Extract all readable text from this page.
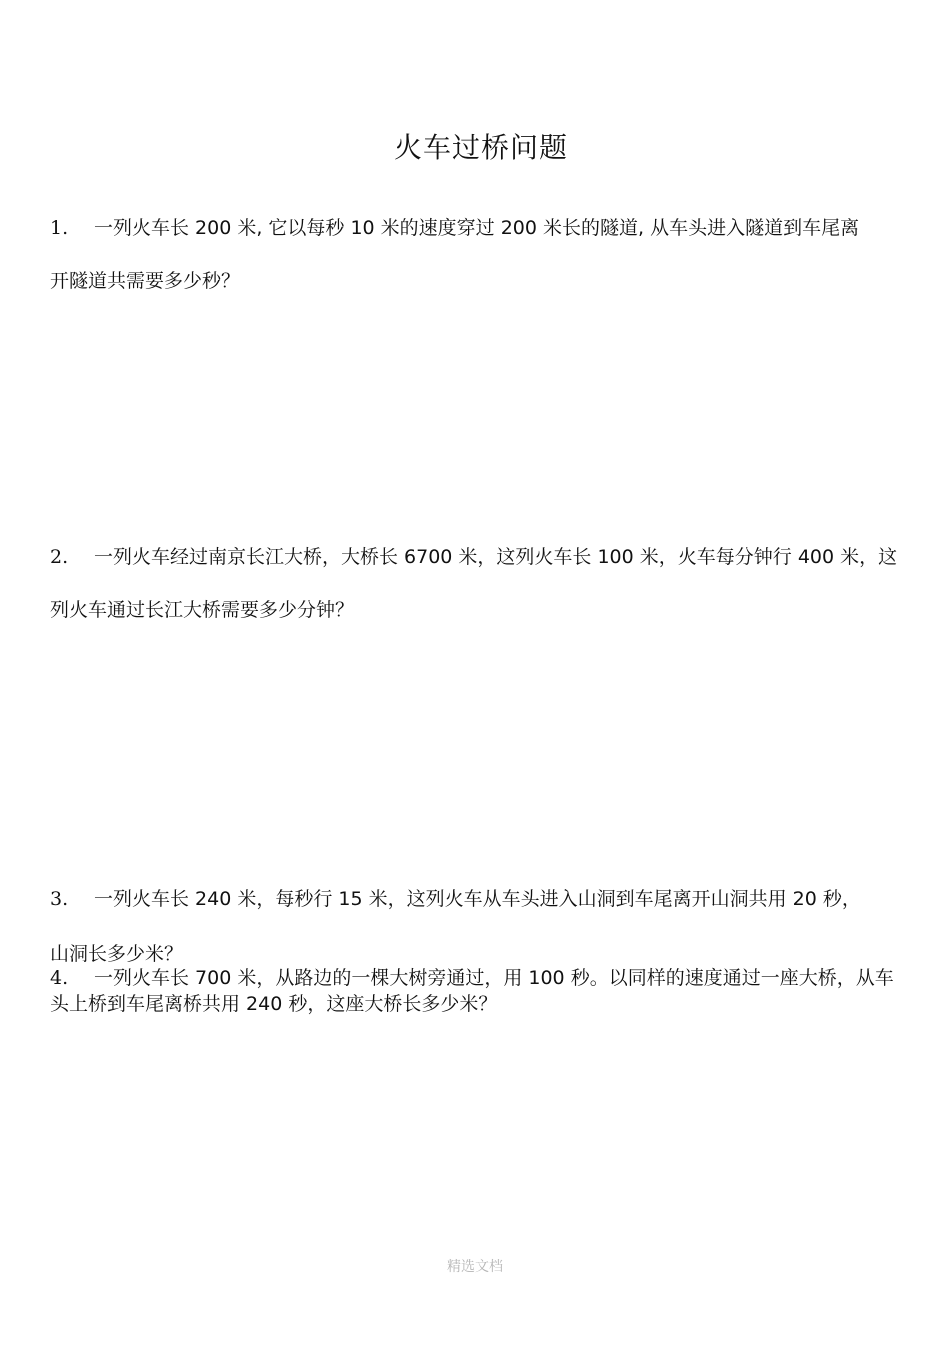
火车过桥问题
1. 一列火车长 200 米, 它以每秒 10 米的速度穿过 200 米长的隧道, 从车头进入隧道到车尾离
开隧道共需要多少秒？
2. 一列火车经过南京长江大桥，大桥长 6700 米，这列火车长 100 米，火车每分钟行 400 米，这
列火车通过长江大桥需要多少分钟？
3. 一列火车长 240 米，每秒行 15 米，这列火车从车头进入山洞到车尾离开山洞共用 20 秒，
山洞长多少米？
4. 一列火车长 700 米，从路边的一棵大树旁通过，用 100 秒。以同样的速度通过一座大桥，从车
头上桥到车尾离桥共用 240 秒，这座大桥长多少米？
精选文档
